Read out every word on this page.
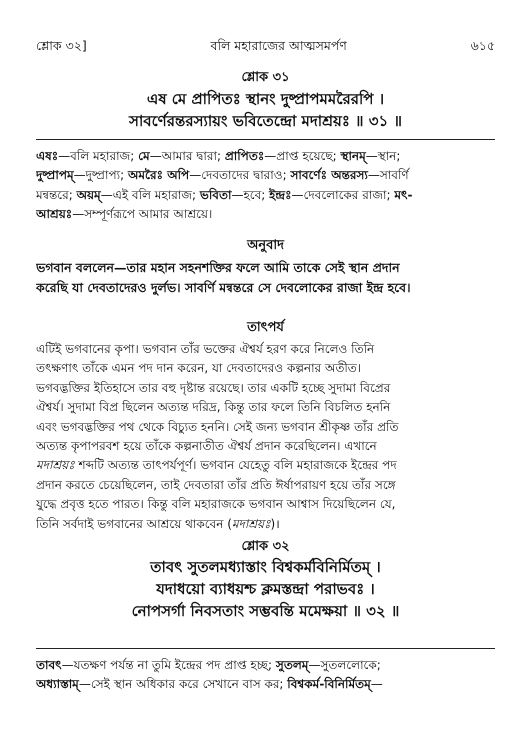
শ্লোক ৩২]	বলি মহারাজের আত্মসমর্পণ	৬১৫
শ্লোক ৩১
এষ মে প্রাপিতঃ স্থানং দুষ্প্রাপমমরৈরপি ।
সাবর্ণেরন্তরস্যায়ং ভবিতেন্দ্রো মদাশ্রয়ঃ ॥ ৩১ ॥
এষঃ—বলি মহারাজ; মে—আমার দ্বারা; প্রাপিতঃ—প্রাপ্ত হয়েছে; স্থানম্—স্থান;
দুষ্প্রাপম্—দুষ্প্রাপ্য; অমরৈঃ অপি—দেবতাদের দ্বারাও; সাবর্ণেঃ অন্তরস্য—সাবর্ণি
মন্বন্তরে; অয়ম্—এই বলি মহারাজ; ভবিতা—হবে; ইন্দ্রঃ—দেবলোকের রাজা; মৎ-
আশ্রয়ঃ—সম্পূর্ণরূপে আমার আশ্রয়ে।
অনুবাদ
ভগবান বললেন—তার মহান সহনশক্তির ফলে আমি তাকে সেই স্থান প্রদান
করেছি যা দেবতাদেরও দুর্লভ। সাবর্ণি মন্বন্তরে সে দেবলোকের রাজা ইন্দ্র হবে।
তাৎপর্য
এটিই ভগবানের কৃপা। ভগবান তাঁর ভক্তের ঐশ্বর্য হরণ করে নিলেও তিনি
তৎক্ষণাৎ তাঁকে এমন পদ দান করেন, যা দেবতাদেরও কল্পনার অতীত।
ভগবদ্ভক্তির ইতিহাসে তার বহু দৃষ্টান্ত রয়েছে। তার একটি হচ্ছে সুদামা বিপ্রের
ঐশ্বর্য। সুদামা বিপ্র ছিলেন অত্যন্ত দরিদ্র, কিন্তু তার ফলে তিনি বিচলিত হননি
এবং ভগবদ্ভক্তির পথ থেকে বিচ্যুত হননি। সেই জন্য ভগবান শ্রীকৃষ্ণ তাঁর প্রতি
অত্যন্ত কৃপাপরবশ হয়ে তাঁকে কল্পনাতীত ঐশ্বর্য প্রদান করেছিলেন। এখানে
মদাশ্রয়ঃ শব্দটি অত্যন্ত তাৎপর্যপূর্ণ। ভগবান যেহেতু বলি মহারাজকে ইন্দ্রের পদ
প্রদান করতে চেয়েছিলেন, তাই দেবতারা তাঁর প্রতি ঈর্ষাপরায়ণ হয়ে তাঁর সঙ্গে
যুদ্ধে প্রবৃত্ত হতে পারত। কিন্তু বলি মহারাজকে ভগবান আশ্বাস দিয়েছিলেন যে,
তিনি সর্বদাই ভগবানের আশ্রয়ে থাকবেন (মদাশ্রয়ঃ)।
শ্লোক ৩২
তাবৎ সুতলমধ্যাস্তাং বিশ্বকর্মবিনির্মিতম্ ।
যদাধয়ো ব্যাধয়শ্চ ক্লমস্তন্দ্রা পরাভবঃ ।
নোপসর্গা নিবসতাং সম্ভবন্তি মমেক্ষয়া ॥ ৩২ ॥
তাবৎ—যতক্ষণ পর্যন্ত না তুমি ইন্দ্রের পদ প্রাপ্ত হচ্ছ; সুতলম্—সুতললোকে;
অধ্যাস্তাম্—সেই স্থান অধিকার করে সেখানে বাস কর; বিশ্বকর্ম-বিনির্মিতম্—
